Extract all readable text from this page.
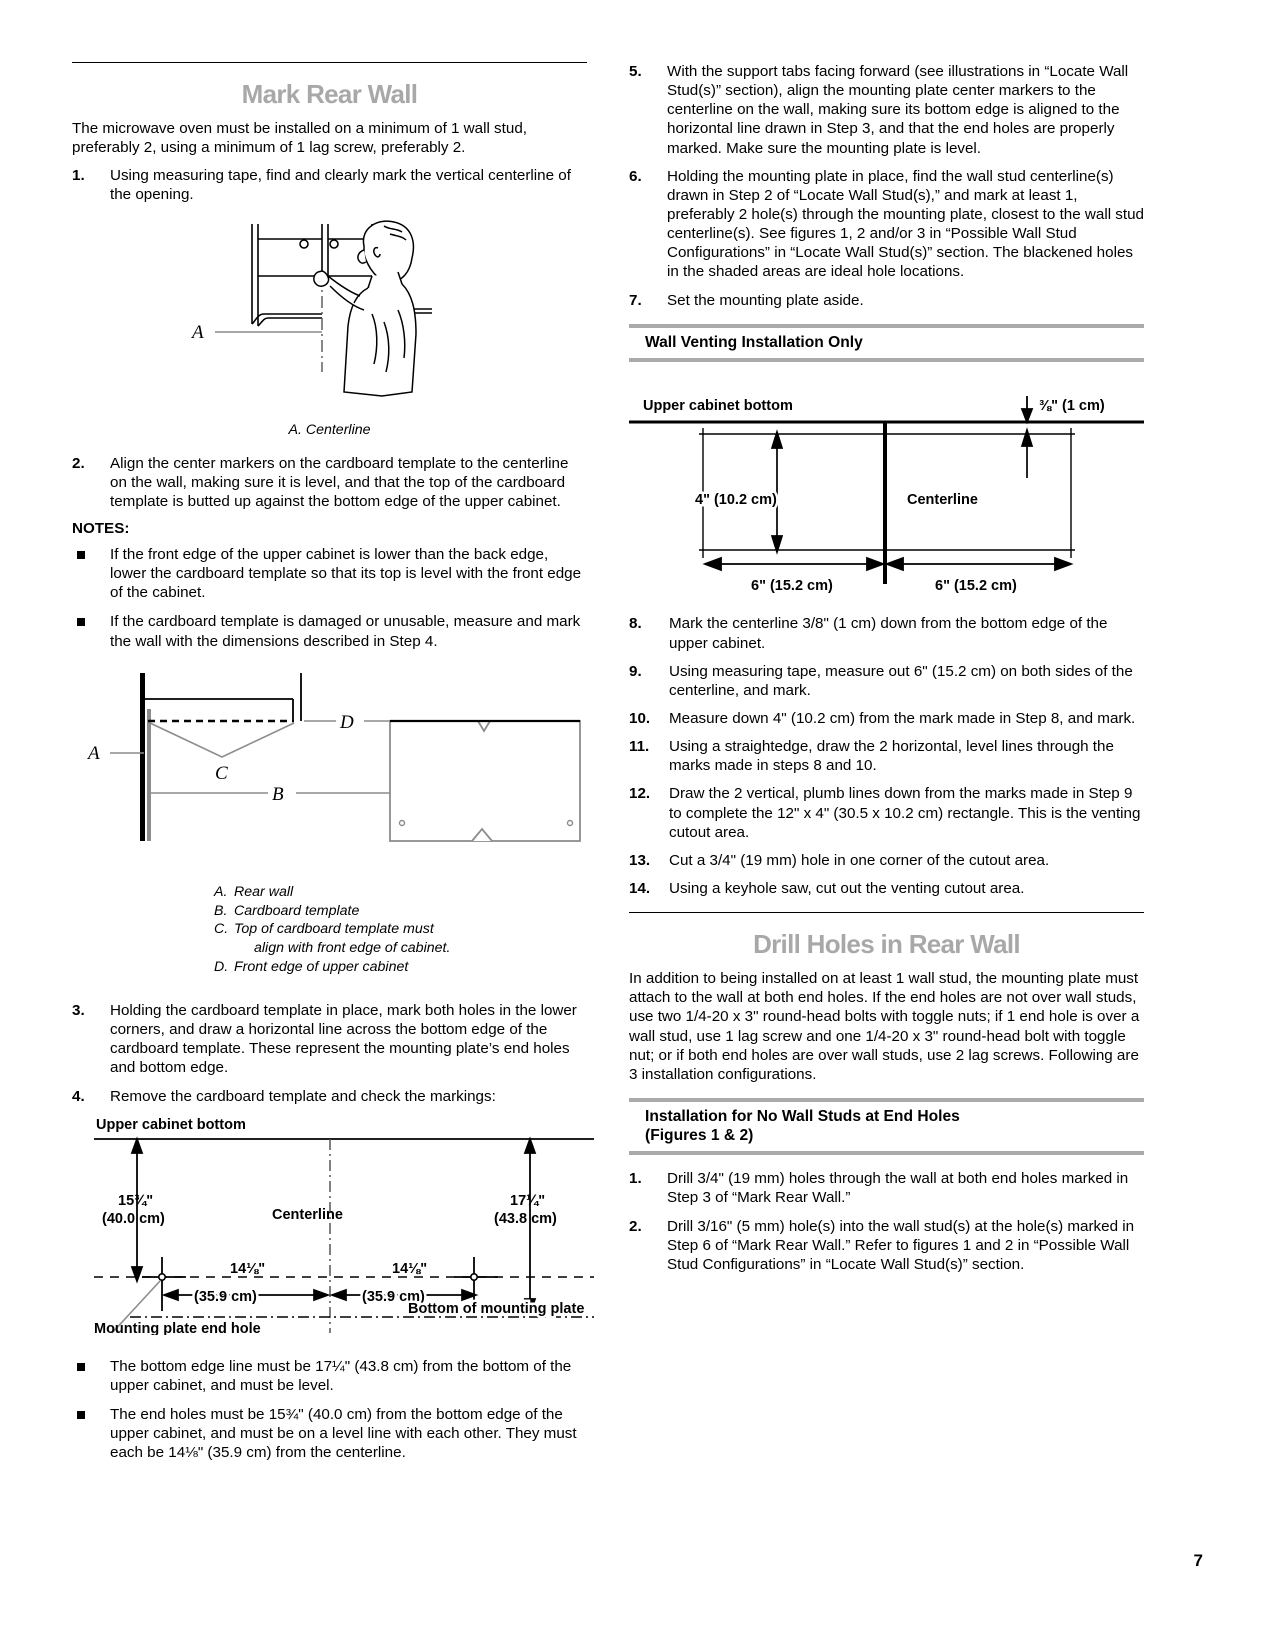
Mark Rear Wall

The microwave oven must be installed on a minimum of 1 wall stud, preferably 2, using a minimum of 1 lag screw, preferably 2.

1.	Using measuring tape, find and clearly mark the vertical centerline of the opening.
A
A. Centerline
2.	Align the center markers on the cardboard template to the centerline on the wall, making sure it is level, and that the top of the cardboard template is butted up against the bottom edge of the upper cabinet.
NOTES:
If the front edge of the upper cabinet is lower than the back edge, lower the cardboard template so that its top is level with the front edge of the cabinet.
If the cardboard template is damaged or unusable, measure and mark the wall with the dimensions described in Step 4.
C
A
B
D
A. Rear wall
B. Cardboard template
C. Top of cardboard template must
align with front edge of cabinet.
D. Front edge of upper cabinet
3.	Holding the cardboard template in place, mark both holes in the lower corners, and draw a horizontal line across the bottom edge of the cardboard template. These represent the mounting plate’s end holes and bottom edge.
4.	Remove the cardboard template and check the markings:
Upper cabinet bottom
Centerline
15¾"
(40.0 cm)
17¼"
(43.8 cm)
14⅛"	14⅛"
(35.9 cm)	(35.9 cm)
Bottom of mounting plate
Mounting plate end hole
The bottom edge line must be 17¼" (43.8 cm) from the bottom of the upper cabinet, and must be level.
The end holes must be 15¾" (40.0 cm) from the bottom edge of the upper cabinet, and must be on a level line with each other. They must each be 14⅛" (35.9 cm) from the centerline.
5.	With the support tabs facing forward (see illustrations in “Locate Wall Stud(s)” section), align the mounting plate center markers to the centerline on the wall, making sure its bottom edge is aligned to the horizontal line drawn in Step 3, and that the end holes are properly marked. Make sure the mounting plate is level.
6.	Holding the mounting plate in place, find the wall stud centerline(s) drawn in Step 2 of “Locate Wall Stud(s),” and mark at least 1, preferably 2 hole(s) through the mounting plate, closest to the wall stud centerline(s). See figures 1, 2 and/or 3 in “Possible Wall Stud Configurations” in “Locate Wall Stud(s)” section. The blackened holes in the shaded areas are ideal hole locations.
7.	Set the mounting plate aside.
Wall Venting Installation Only
Upper cabinet bottom	⅜" (1 cm)
Centerline
4" (10.2 cm)
6" (15.2 cm)	6" (15.2 cm)
8.	Mark the centerline 3/8" (1 cm) down from the bottom edge of the upper cabinet.
9.	Using measuring tape, measure out 6" (15.2 cm) on both sides of the centerline, and mark.
10.	Measure down 4" (10.2 cm) from the mark made in Step 8, and mark.
11.	Using a straightedge, draw the 2 horizontal, level lines through the marks made in steps 8 and 10.
12.	Draw the 2 vertical, plumb lines down from the marks made in Step 9 to complete the 12" x 4" (30.5 x 10.2 cm) rectangle. This is the venting cutout area.
13.	Cut a 3/4" (19 mm) hole in one corner of the cutout area.
14.	Using a keyhole saw, cut out the venting cutout area.
Drill Holes in Rear Wall

In addition to being installed on at least 1 wall stud, the mounting plate must attach to the wall at both end holes. If the end holes are not over wall studs, use two 1/4-20 x 3" round-head bolts with toggle nuts; if 1 end hole is over a wall stud, use 1 lag screw and one 1/4-20 x 3" round-head bolt with toggle nut; or if both end holes are over wall studs, use 2 lag screws. Following are 3 installation configurations.

Installation for No Wall Studs at End Holes
(Figures 1 & 2)
1.	Drill 3/4" (19 mm) holes through the wall at both end holes marked in Step 3 of “Mark Rear Wall.”
2.	Drill 3/16" (5 mm) hole(s) into the wall stud(s) at the hole(s) marked in Step 6 of “Mark Rear Wall.” Refer to figures 1 and 2 in “Possible Wall Stud Configurations” in “Locate Wall Stud(s)” section.
7
